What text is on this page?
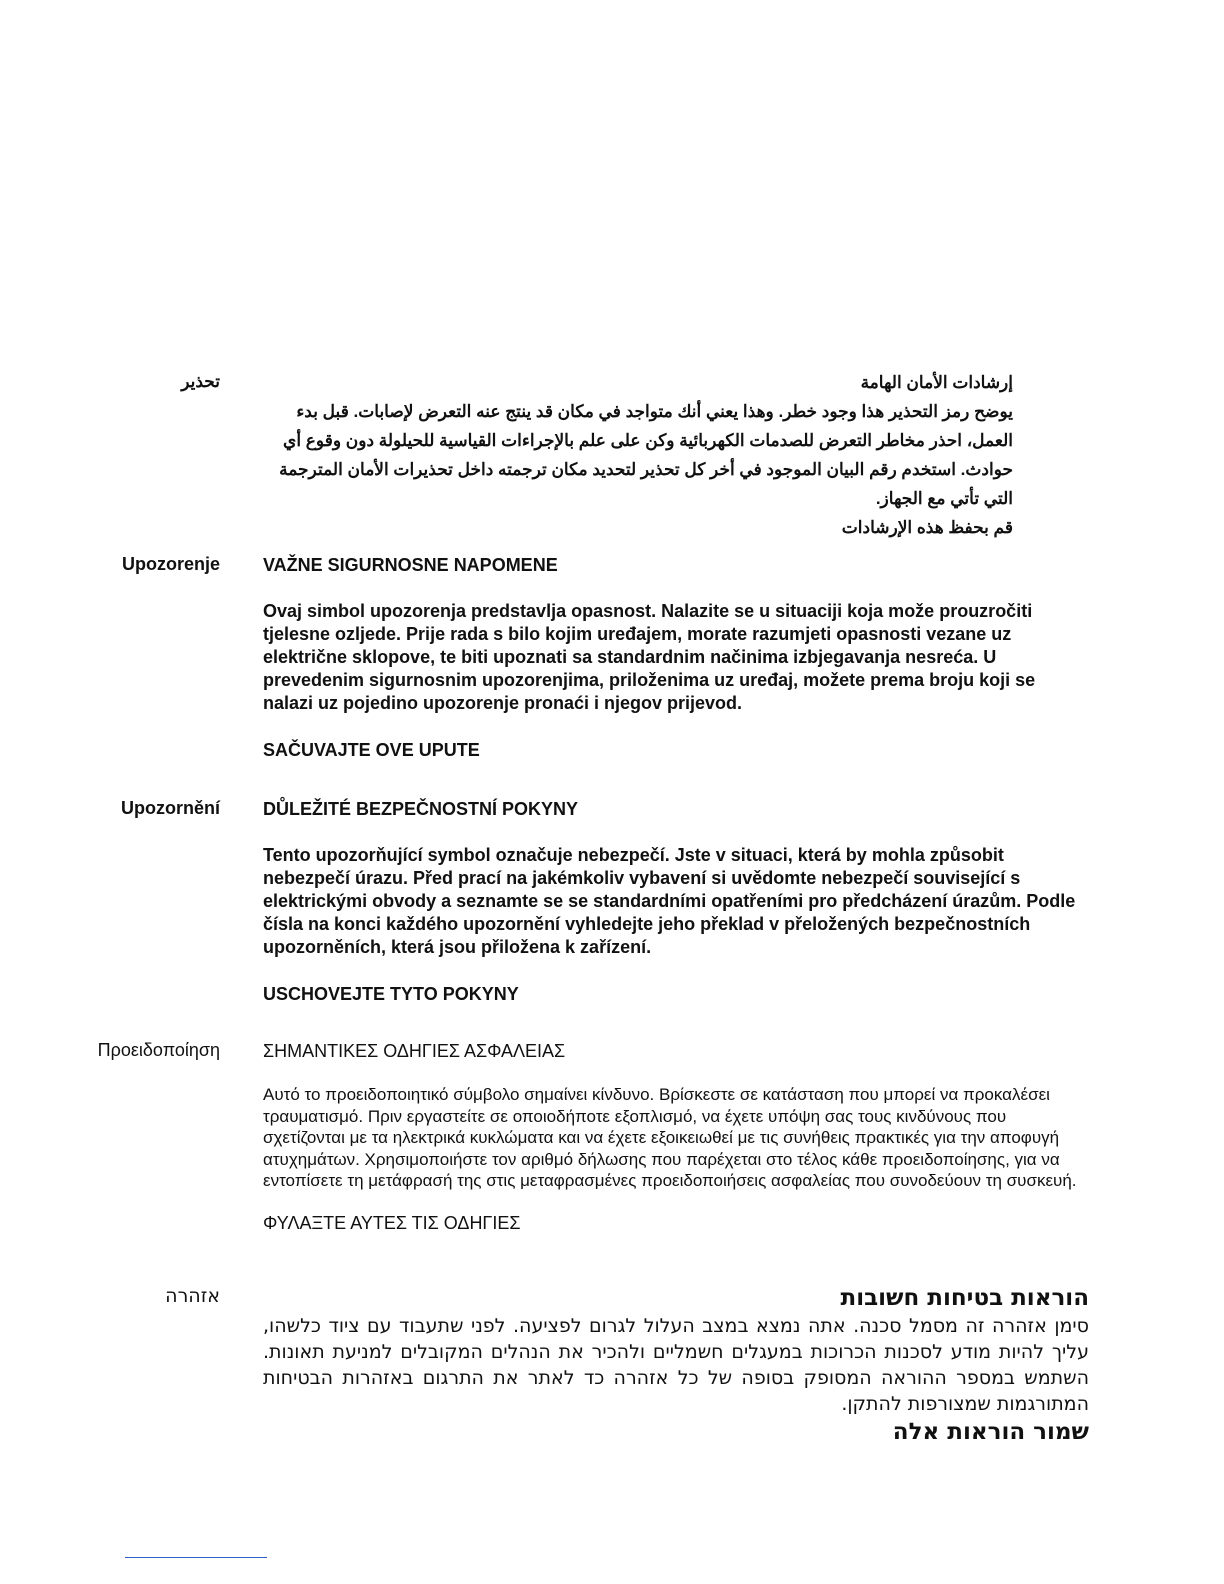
تحذير	إرشادات الأمان الهامة
يوضح رمز التحذير هذا وجود خطر. وهذا يعني أنك متواجد في مكان قد ينتج عنه التعرض لإصابات. قبل بدء العمل، احذر مخاطر التعرض للصدمات الكهربائية وكن على علم بالإجراءات القياسية للحيلولة دون وقوع أي حوادث. استخدم رقم البيان الموجود في أخر كل تحذير لتحديد مكان ترجمته داخل تحذيرات الأمان المترجمة التي تأتي مع الجهاز.
قم بحفظ هذه الإرشادات
Upozorenje VAŽNE SIGURNOSNE NAPOMENE
Ovaj simbol upozorenja predstavlja opasnost. Nalazite se u situaciji koja može prouzročiti tjelesne ozljede. Prije rada s bilo kojim uređajem, morate razumjeti opasnosti vezane uz električne sklopove, te biti upoznati sa standardnim načinima izbjegavanja nesreća. U prevedenim sigurnosnim upozorenjima, priloženima uz uređaj, možete prema broju koji se nalazi uz pojedino upozorenje pronaći i njegov prijevod.
SAČUVAJTE OVE UPUTE
Upozornění DŮLEŽITÉ BEZPEČNOSTNÍ POKYNY
Tento upozorňující symbol označuje nebezpečí. Jste v situaci, která by mohla způsobit nebezpečí úrazu. Před prací na jakémkoliv vybavení si uvědomte nebezpečí související s elektrickými obvody a seznamte se se standardními opatřeními pro předcházení úrazům. Podle čísla na konci každého upozornění vyhledejte jeho překlad v přeložených bezpečnostních upozorněních, která jsou přiložena k zařízení.
USCHOVEJTE TYTO POKYNY
Προειδοποίηση ΣΗΜΑΝΤΙΚΕΣ ΟΔΗΓΙΕΣ ΑΣΦΑΛΕΙΑΣ
Αυτό το προειδοποιητικό σύμβολο σημαίνει κίνδυνο. Βρίσκεστε σε κατάσταση που μπορεί να προκαλέσει τραυματισμό. Πριν εργαστείτε σε οποιοδήποτε εξοπλισμό, να έχετε υπόψη σας τους κινδύνους που σχετίζονται με τα ηλεκτρικά κυκλώματα και να έχετε εξοικειωθεί με τις συνήθεις πρακτικές για την αποφυγή ατυχημάτων. Χρησιμοποιήστε τον αριθμό δήλωσης που παρέχεται στο τέλος κάθε προειδοποίησης, για να εντοπίσετε τη μετάφρασή της στις μεταφρασμένες προειδοποιήσεις ασφαλείας που συνοδεύουν τη συσκευή.
ΦΥΛΑΞΤΕ ΑΥΤΕΣ ΤΙΣ ΟΔΗΓΙΕΣ
אזהרה	הוראות בטיחות חשובות
סימן אזהרה זה מסמל סכנה. אתה נמצא במצב העלול לגרום לפציעה. לפני שתעבוד עם ציוד כלשהו, עליך להיות מודע לסכנות הכרוכות במעגלים חשמליים ולהכיר את הנהלים המקובלים למניעת תאונות. השתמש במספר ההוראה המסופק בסופה של כל אזהרה כד לאתר את התרגום באזהרות הבטיחות המתורגמות שמצורפות להתקן.
שמור הוראות אלה
